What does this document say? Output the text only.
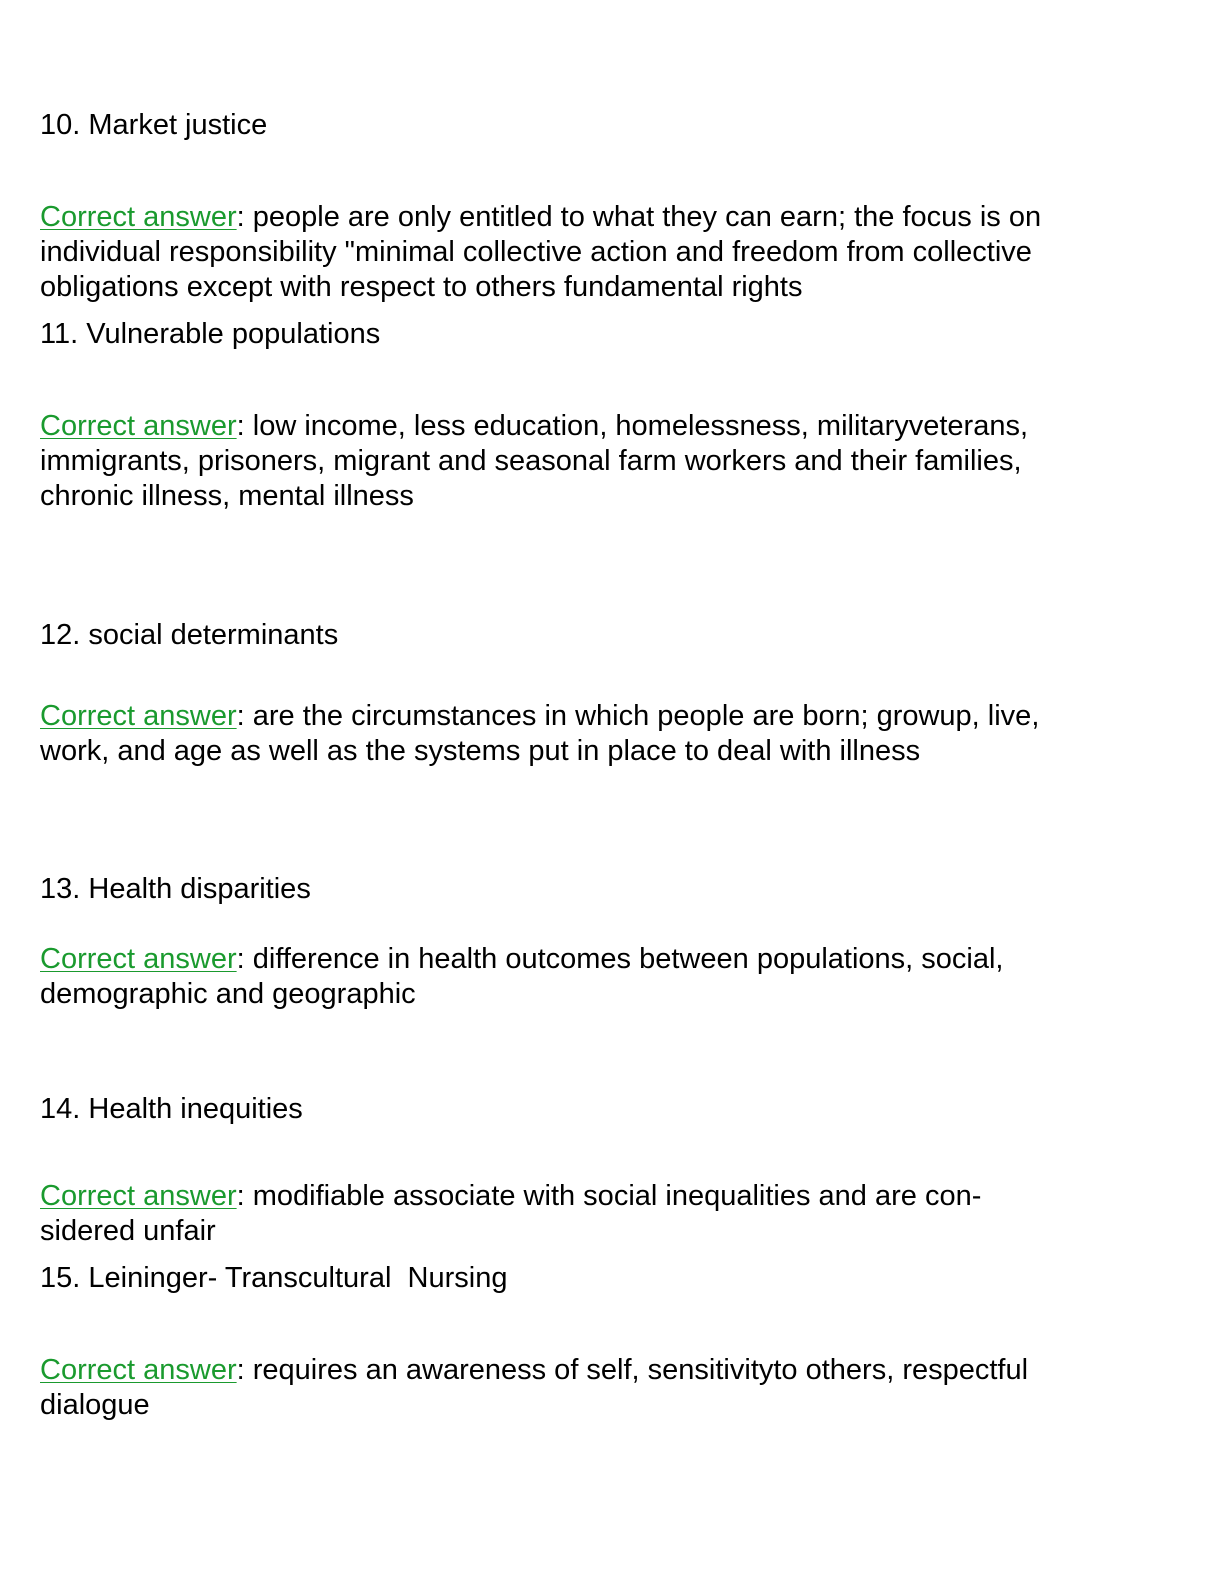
10. Market justice
Correct answer: people are only entitled to what they can earn; the focus is on
individual responsibility "minimal collective action and freedom from collective
obligations except with respect to others fundamental rights
11. Vulnerable populations
Correct answer: low income, less education, homelessness, militaryveterans,
immigrants, prisoners, migrant and seasonal farm workers and their families,
chronic illness, mental illness
12. social determinants
Correct answer: are the circumstances in which people are born; growup, live,
work, and age as well as the systems put in place to deal with illness
13. Health disparities
Correct answer: difference in health outcomes between populations, social,
demographic and geographic
14. Health inequities
Correct answer: modifiable associate with social inequalities and are con-
sidered unfair
15. Leininger- Transcultural  Nursing
Correct answer: requires an awareness of self, sensitivityto others, respectful
dialogue
